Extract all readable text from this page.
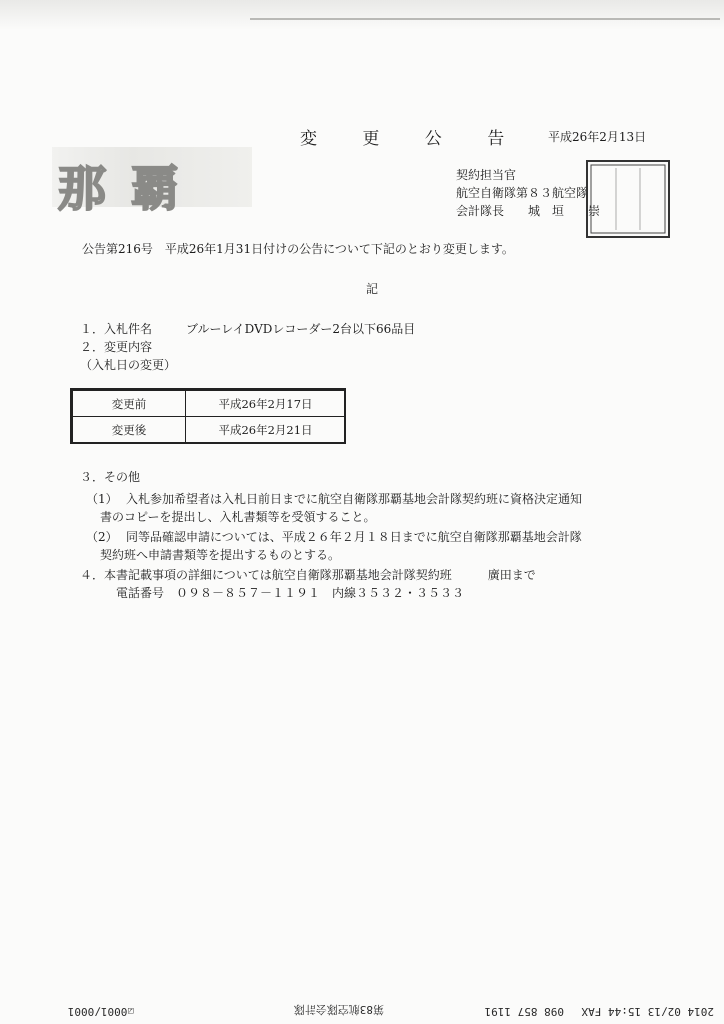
変 更 公 告 平成26年2月13日
那 覇	契約担当官
航空自衛隊第８３航空隊
会計隊長　　城　垣　　崇
公告第216号　平成26年1月31日付けの公告について下記のとおり変更します。
記
１．入札件名	ブルーレイDVDレコーダー2台以下66品目
２．変更内容
（入札日の変更）
変更前	平成26年2月17日
変更後	平成26年2月21日
３．その他
（1） 入札参加希望者は入札日前日までに航空自衛隊那覇基地会計隊契約班に資格決定通知
書のコピーを提出し、入札書類等を受領すること。
（2） 同等品確認申請については、平成２６年２月１８日までに航空自衛隊那覇基地会計隊
契約班へ申請書類等を提出するものとする。
４．本書記載事項の詳細については航空自衛隊那覇基地会計隊契約班　　　廣田まで
電話番号　０９８－８５７－１１９１　内線３５３２・３５３３
2014 02/13 15:44 FAX
098 857 1191
第83航空隊会計隊
☑0001/0001
